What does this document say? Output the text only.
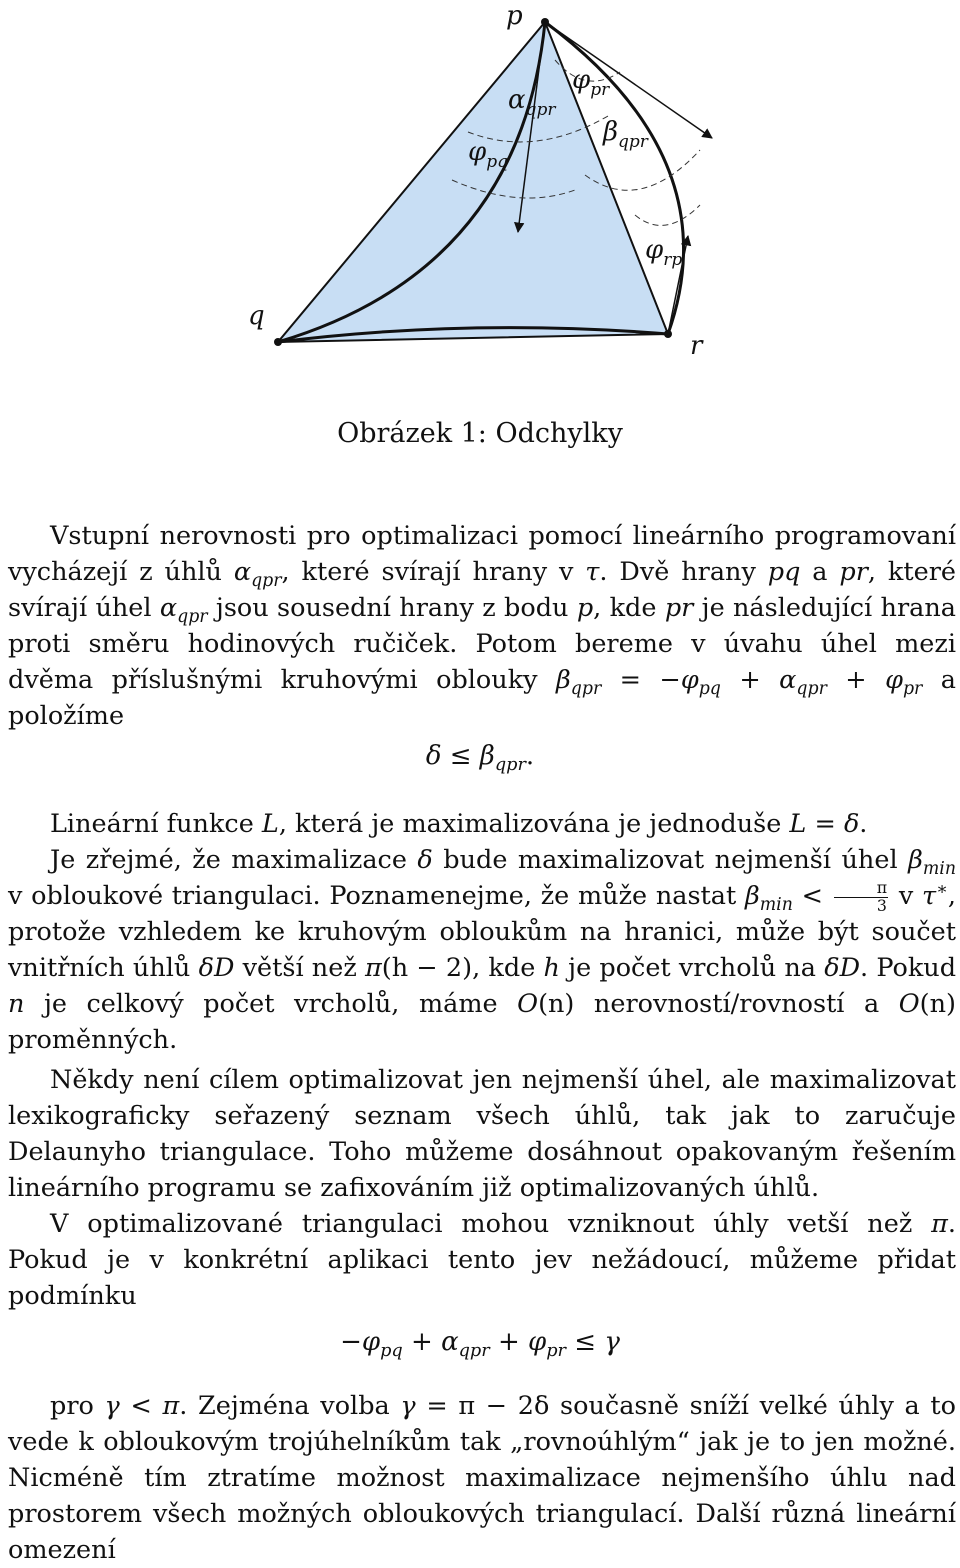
p
q
r
$\alpha_{qpr}$
$\varphi_{pq}$
$\varphi_{pr}$
$\beta_{qpr}$
$\varphi_{rp}$
Obrázek 1: Odchylky

Vstupní nerovnosti pro optimalizaci pomocí lineárního programovaní vycházejí z úhlů $\alpha_{qpr}$, které svírají hrany v τ. Dvě hrany pq a pr, které svírají úhel $\alpha_{qpr}$ jsou sousední hrany z bodu p, kde pr je následující hrana proti směru hodinových ručiček. Potom bereme v úvahu úhel mezi dvěma příslušnými kruhovými oblouky $\beta_{qpr} = -\varphi_{pq} + \alpha_{qpr} + \varphi_{pr}$ a položíme

$\delta \le \beta_{qpr}$.

Lineární funkce L, která je maximalizována je jednoduše L = δ.

Je zřejmé, že maximalizace δ bude maximalizovat nejmenší úhel $\beta_{min}$ v obloukové triangulaci. Poznamenejme, že může nastat $\beta_{min} < \frac{\pi}{3}$ v τ∗, protože vzhledem ke kruhovým obloukům na hranici, může být součet vnitřních úhlů δD větší než π(h − 2), kde h je počet vrcholů na δD. Pokud n je celkový počet vrcholů, máme O(n) nerovností/rovností a O(n) proměnných.

Někdy není cílem optimalizovat jen nejmenší úhel, ale maximalizovat lexikograficky seřazený seznam všech úhlů, tak jak to zaručuje Delaunyho triangulace. Toho můžeme dosáhnout opakovaným řešením lineárního programu se zafixováním již optimalizovaných úhlů.

V optimalizované triangulaci mohou vzniknout úhly vetší než π. Pokud je v konkrétní aplikaci tento jev nežádoucí, můžeme přidat podmínku

$-\varphi_{pq} + \alpha_{qpr} + \varphi_{pr} \le \gamma$

pro γ < π. Zejména volba γ = π − 2δ současně sníží velké úhly a to vede k obloukovým trojúhelníkům tak „rovnoúhlým“ jak je to jen možné. Nicméně tím ztratíme možnost maximalizace nejmenšího úhlu nad prostorem všech možných obloukových triangulací. Další různá lineární omezení
